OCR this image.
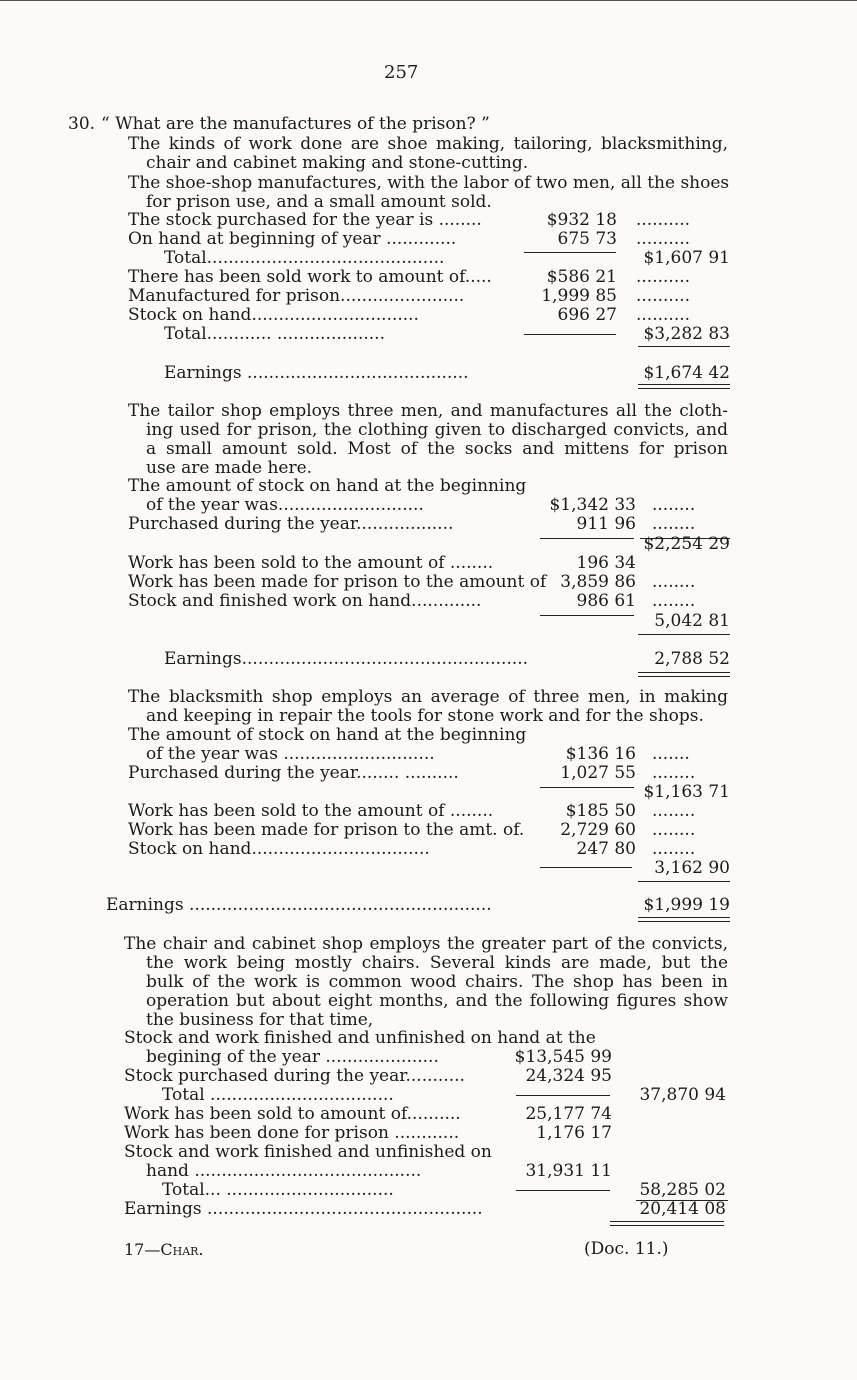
257
30. “ What are the manufactures of the prison? ”
The kinds of work done are shoe making, tailoring, blacksmithing,
chair and cabinet making and stone-cutting.
The shoe-shop manufactures, with the labor of two men, all the shoes
for prison use, and a small amount sold.
The stock purchased for the year is ........	$932 18 ..........
On hand at beginning of year .............	675 73 ..........
Total............................................	$1,607 91
There has been sold work to amount of.....	$586 21 ..........
Manufactured for prison.......................	1,999 85 ..........
Stock on hand...............................	696 27 ..........
Total............ ....................	$3,282 83
Earnings .........................................	$1,674 42
The tailor shop employs three men, and manufactures all the cloth-
ing used for prison, the clothing given to discharged convicts, and
a small amount sold. Most of the socks and mittens for prison
use are made here.
The amount of stock on hand at the beginning
of the year was...........................	$1,342 33 ........
Purchased during the year..................	911 96 ........
$2,254 29
Work has been sold to the amount of ........	196 34
Work has been made for prison to the amount of 3,859 86 ........
Stock and finished work on hand.............	986 61 ........
5,042 81
Earnings.....................................................	2,788 52
The blacksmith shop employs an average of three men, in making
and keeping in repair the tools for stone work and for the shops.
The amount of stock on hand at the beginning
of the year was ............................	$136 16 .......
Purchased during the year........ ..........	1,027 55 ........
$1,163 71
Work has been sold to the amount of ........	$185 50 ........
Work has been made for prison to the amt. of.	2,729 60 ........
Stock on hand.................................	247 80 ........
3,162 90
Earnings ........................................................	$1,999 19
The chair and cabinet shop employs the greater part of the convicts,
the work being mostly chairs. Several kinds are made, but the
bulk of the work is common wood chairs. The shop has been in
operation but about eight months, and the following figures show
the business for that time,
Stock and work finished and unfinished on hand at the
begining of the year .....................	$13,545 99
Stock purchased during the year...........	24,324 95
Total ..................................	37,870 94
Work has been sold to amount of..........	25,177 74
Work has been done for prison ............	1,176 17
Stock and work finished and unfinished on
hand ..........................................	31,931 11
Total... ...............................	58,285 02
Earnings ...................................................	20,414 08
17—Char.	(Doc. 11.)
